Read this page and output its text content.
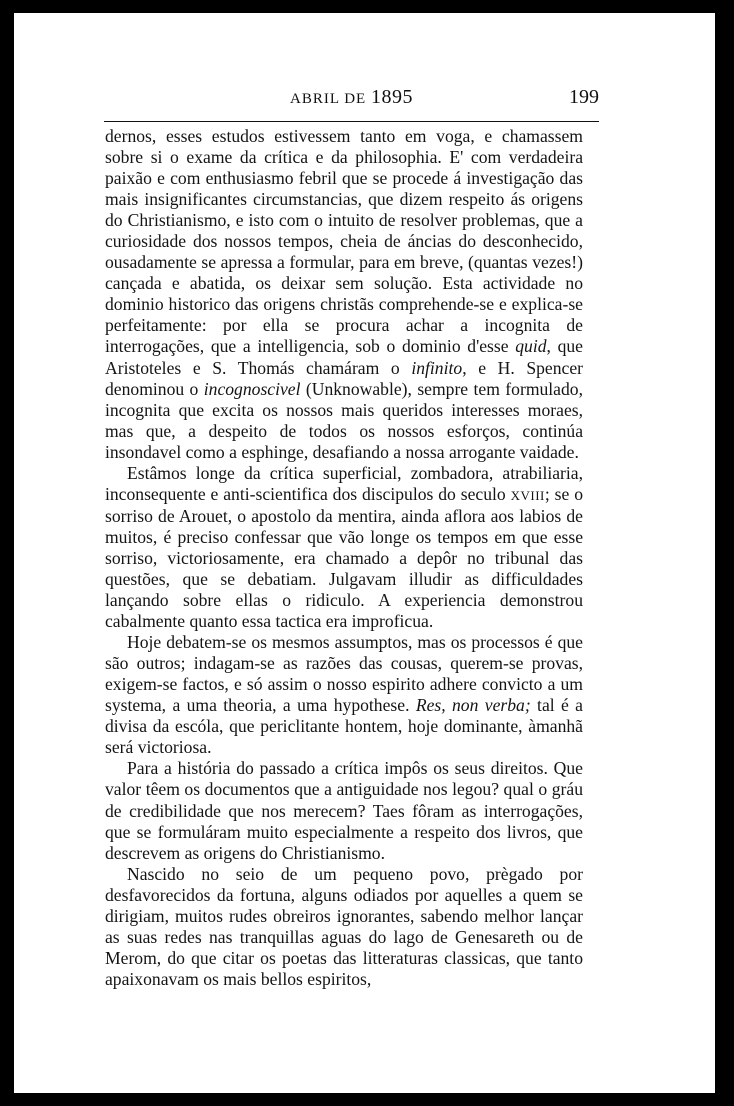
ABRIL DE 1895	199

dernos, esses estudos estivessem tanto em voga, e chamassem sobre si o exame da crítica e da philosophia. E' com verdadeira paixão e com enthusiasmo febril que se procede á investigação das mais insignificantes circumstancias, que dizem respeito ás origens do Christianismo, e isto com o intuito de resolver problemas, que a curiosidade dos nossos tempos, cheia de áncias do desconhecido, ousadamente se apressa a formular, para em breve, (quantas vezes!) cançada e abatida, os deixar sem solução. Esta actividade no dominio historico das origens christãs comprehende-se e explica-se perfeitamente: por ella se procura achar a incognita de interrogações, que a intelligencia, sob o dominio d'esse quid, que Aristoteles e S. Thomás chamáram o infinito, e H. Spencer denominou o incognoscivel (Unknowable), sempre tem formulado, incognita que excita os nossos mais queridos interesses moraes, mas que, a despeito de todos os nossos esforços, continúa insondavel como a esphinge, desafiando a nossa arrogante vaidade.

Estâmos longe da crítica superficial, zombadora, atrabiliaria, inconsequente e anti-scientifica dos discipulos do seculo XVIII; se o sorriso de Arouet, o apostolo da mentira, ainda aflora aos labios de muitos, é preciso confessar que vão longe os tempos em que esse sorriso, victoriosamente, era chamado a depôr no tribunal das questões, que se debatiam. Julgavam illudir as difficuldades lançando sobre ellas o ridiculo. A experiencia demonstrou cabalmente quanto essa tactica era improficua.

Hoje debatem-se os mesmos assumptos, mas os processos é que são outros; indagam-se as razões das cousas, querem-se provas, exigem-se factos, e só assim o nosso espirito adhere convicto a um systema, a uma theoria, a uma hypothese. Res, non verba; tal é a divisa da escóla, que periclitante hontem, hoje dominante, àmanhã será victoriosa.

Para a história do passado a crítica impôs os seus direitos. Que valor têem os documentos que a antiguidade nos legou? qual o gráu de credibilidade que nos merecem? Taes fôram as interrogações, que se formuláram muito especialmente a respeito dos livros, que descrevem as origens do Christianismo.

Nascido no seio de um pequeno povo, prègado por desfavorecidos da fortuna, alguns odiados por aquelles a quem se dirigiam, muitos rudes obreiros ignorantes, sabendo melhor lançar as suas redes nas tranquillas aguas do lago de Genesareth ou de Merom, do que citar os poetas das litteraturas classicas, que tanto apaixonavam os mais bellos espiritos,
